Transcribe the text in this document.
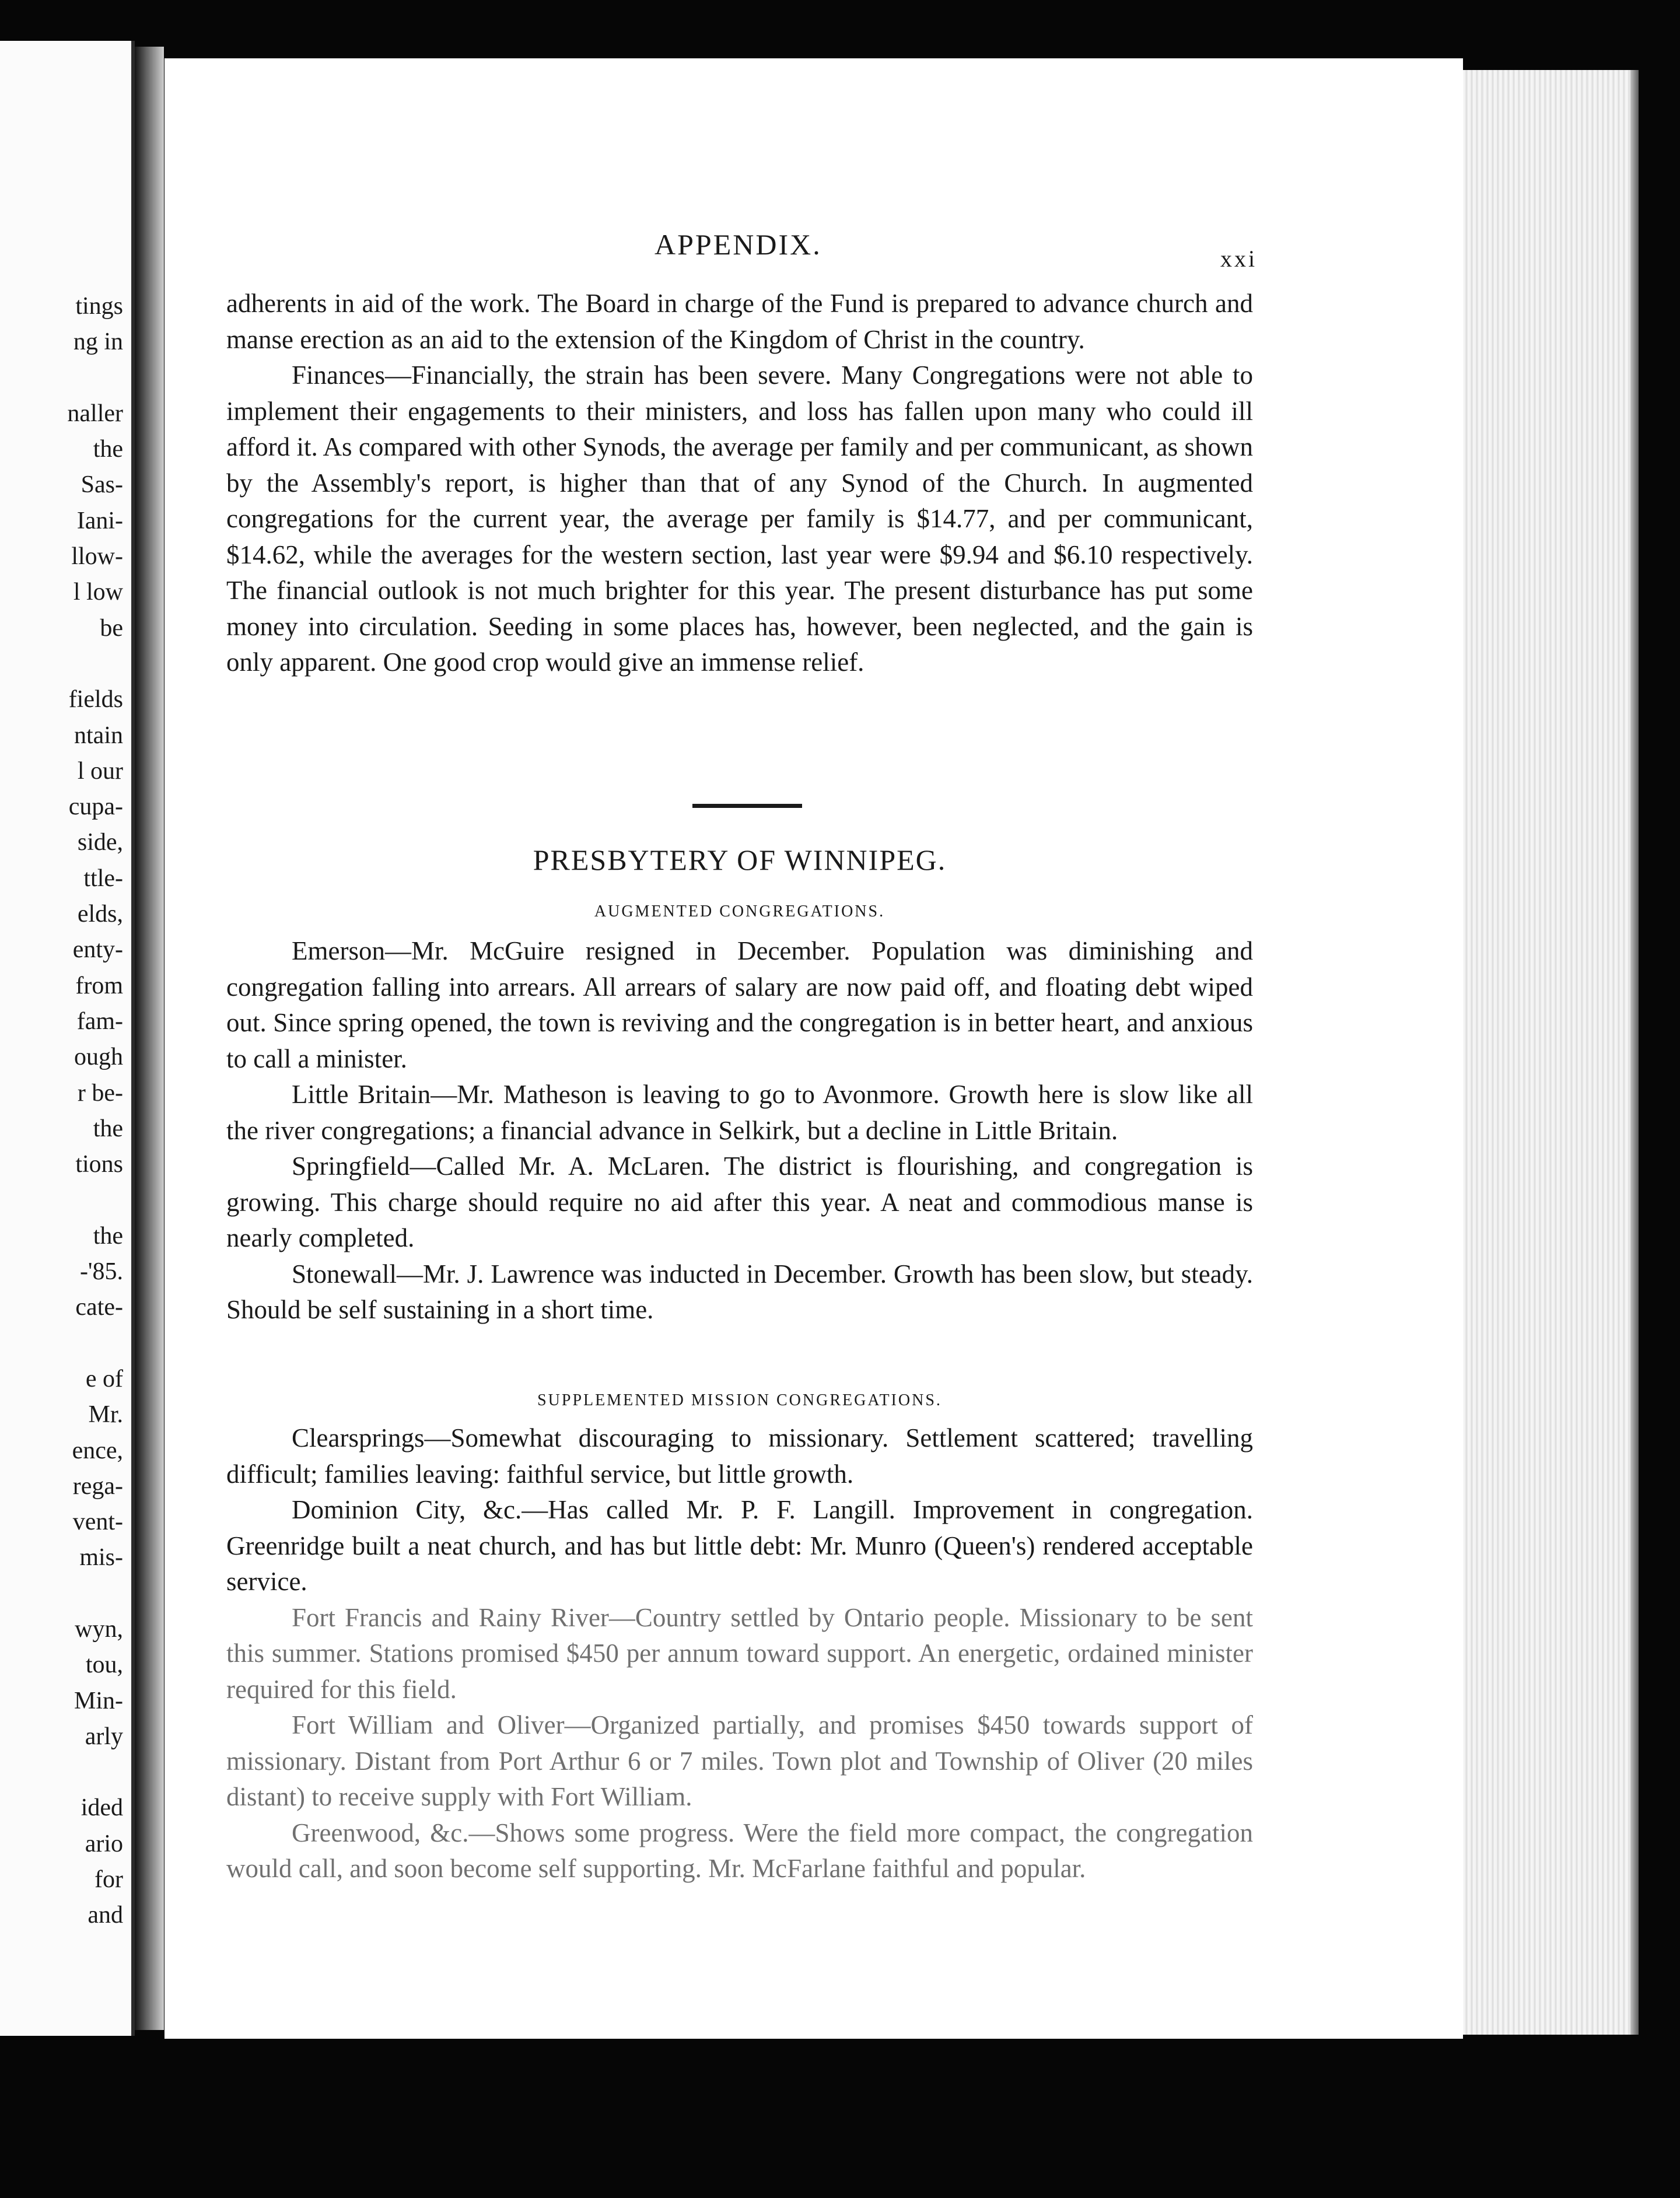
tings
ng in
naller
the
Sas-
Iani-
llow-
l low
be
fields
ntain
l our
cupa-
side,
ttle-
elds,
enty-
from
fam-
ough
r be-
the
tions
the
-'85.
cate-
e of
Mr.
ence,
rega-
vent-
mis-
wyn,
tou,
Min-
arly
ided
ario
for
and
APPENDIX.	xxi

adherents in aid of the work. The Board in charge of the Fund is prepared to advance church and manse erection as an aid to the extension of the Kingdom of Christ in the country.

Finances—Financially, the strain has been severe. Many Congregations were not able to implement their engagements to their ministers, and loss has fallen upon many who could ill afford it. As compared with other Synods, the average per family and per communicant, as shown by the Assembly's report, is higher than that of any Synod of the Church. In augmented congregations for the current year, the average per family is $14.77, and per communicant, $14.62, while the averages for the western section, last year were $9.94 and $6.10 respectively. The financial outlook is not much brighter for this year. The present disturbance has put some money into circulation. Seeding in some places has, however, been neglected, and the gain is only apparent. One good crop would give an immense relief.

PRESBYTERY OF WINNIPEG.
AUGMENTED CONGREGATIONS.

Emerson—Mr. McGuire resigned in December. Population was diminishing and congregation falling into arrears. All arrears of salary are now paid off, and floating debt wiped out. Since spring opened, the town is reviving and the congregation is in better heart, and anxious to call a minister.

Little Britain—Mr. Matheson is leaving to go to Avonmore. Growth here is slow like all the river congregations; a financial advance in Selkirk, but a decline in Little Britain.

Springfield—Called Mr. A. McLaren. The district is flourishing, and congregation is growing. This charge should require no aid after this year. A neat and commodious manse is nearly completed.

Stonewall—Mr. J. Lawrence was inducted in December. Growth has been slow, but steady. Should be self sustaining in a short time.

SUPPLEMENTED MISSION CONGREGATIONS.

Clearsprings—Somewhat discouraging to missionary. Settlement scattered; travelling difficult; families leaving: faithful service, but little growth.

Dominion City, &c.—Has called Mr. P. F. Langill. Improvement in congregation. Greenridge built a neat church, and has but little debt: Mr. Munro (Queen's) rendered acceptable service.

Fort Francis and Rainy River—Country settled by Ontario people. Missionary to be sent this summer. Stations promised $450 per annum toward support. An energetic, ordained minister required for this field.

Fort William and Oliver—Organized partially, and promises $450 towards support of missionary. Distant from Port Arthur 6 or 7 miles. Town plot and Township of Oliver (20 miles distant) to receive supply with Fort William.

Greenwood, &c.—Shows some progress. Were the field more compact, the congregation would call, and soon become self supporting. Mr. McFarlane faithful and popular.
